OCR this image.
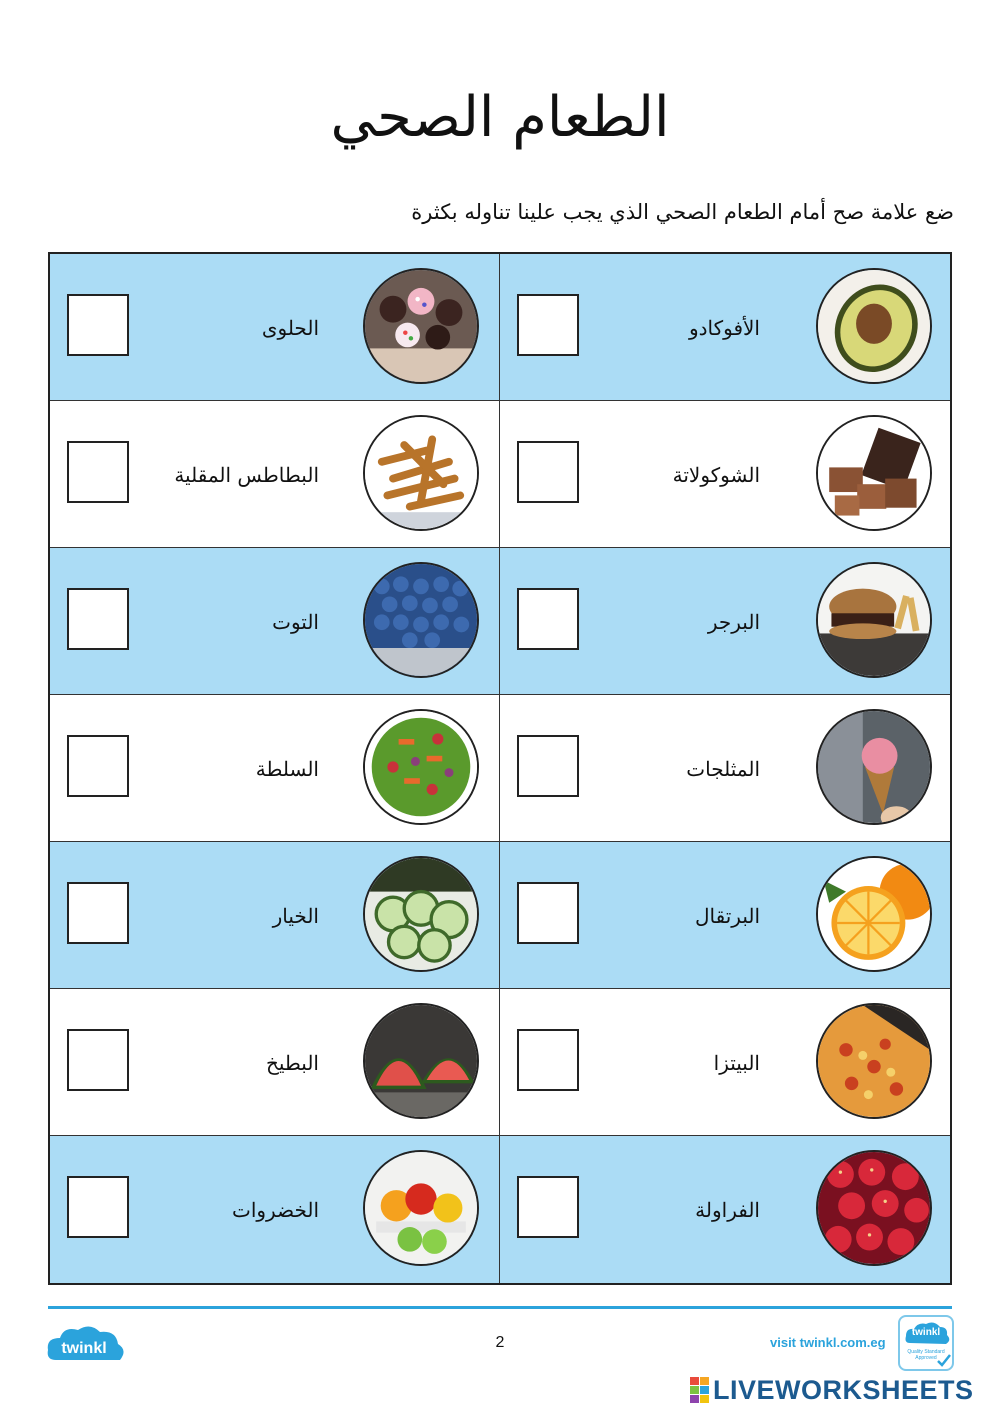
الطعام الصحي
ضع علامة صح أمام الطعام الصحي الذي يجب علينا تناوله بكثرة
الحلوى	الأفوكادو
البطاطس المقلية	الشوكولاتة
التوت	البرجر
السلطة	المثلجات
الخيار	البرتقال
البطيخ	البيتزا
الخضروات	الفراولة
twinkl	2	visit twinkl.com.eg
twinkl
Quality Standard Approved
LIVEWORKSHEETS
